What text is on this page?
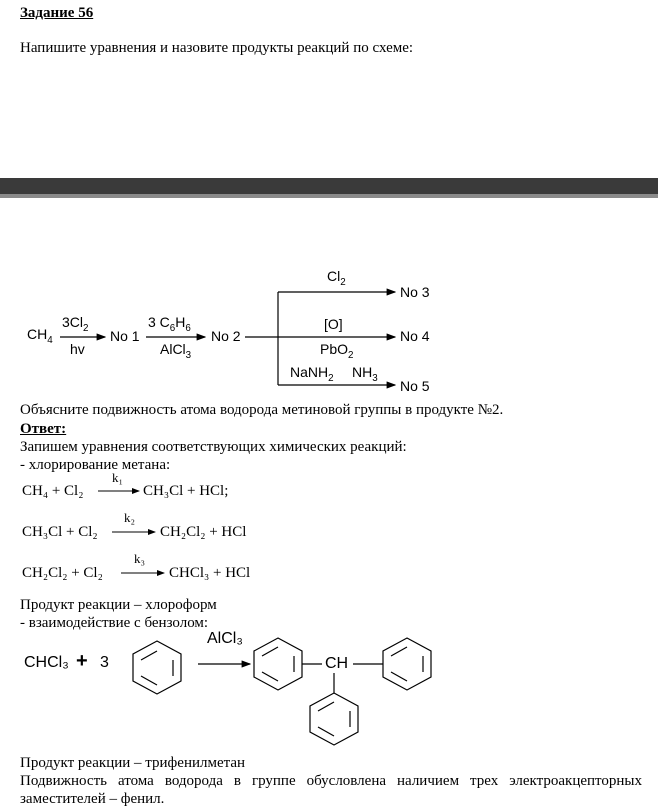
Задание 56
Напишите уравнения и назовите продукты реакций по схеме:
$CH_4$
$3Cl_2$
hv
No 1
3 $C_6H_6$
AlCl$_3$
No 2
$Cl_2$
No 3
[O]
PbO$_2$
No 4
NaNH$_2$ $NH_3$ No 5
Объясните подвижность атома водорода метиновой группы в продукте №2.
Ответ:
Запишем уравнения соответствующих химических реакций:
- хлорирование метана:
CH₄ + Cl₂
k₁
CH₃Cl + HCl;
CH₃Cl + Cl₂
k₂
CH₂Cl₂ + HCl
CH₂Cl₂ + Cl₂
k₃
CHCl₃ + HCl
Продукт реакции – хлороформ
- взаимодействие с бензолом:
CHCl₃ + 3
AlCl₃
CH
Продукт реакции – трифенилметан
Подвижность атома водорода в группе обусловлена наличием трех электроакцепторных заместителей – фенил.
